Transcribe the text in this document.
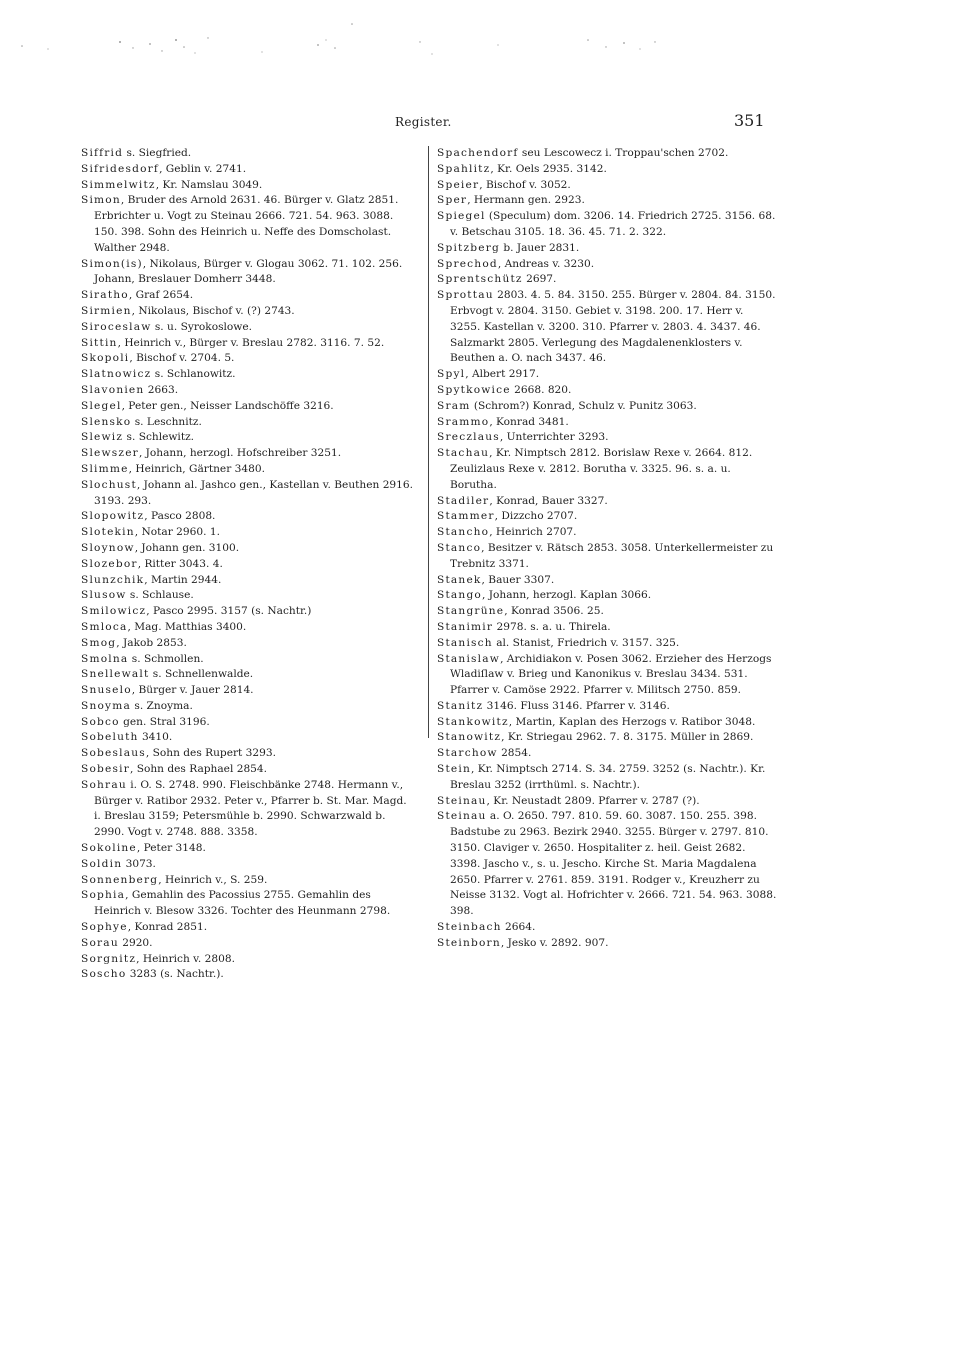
Register.	351

Siffrid s. Siegfried.

Sifridesdorf, Geblin v. 2741.

Simmelwitz, Kr. Namslau 3049.

Simon, Bruder des Arnold 2631. 46. Bürger v. Glatz 2851. Erbrichter u. Vogt zu Steinau 2666. 721. 54. 963. 3088. 150. 398. Sohn des Heinrich u. Neffe des Domscholast. Walther 2948.

Simon(is), Nikolaus, Bürger v. Glogau 3062. 71. 102. 256. Johann, Breslauer Domherr 3448.

Siratho, Graf 2654.

Sirmien, Nikolaus, Bischof v. (?) 2743.

Siroceslaw s. u. Syrokoslowe.

Sittin, Heinrich v., Bürger v. Breslau 2782. 3116. 7. 52.

Skopoli, Bischof v. 2704. 5.

Slatnowicz s. Schlanowitz.

Slavonien 2663.

Slegel, Peter gen., Neisser Landschöffe 3216.

Slensko s. Leschnitz.

Slewiz s. Schlewitz.

Slewszer, Johann, herzogl. Hofschreiber 3251.

Slimme, Heinrich, Gärtner 3480.

Slochust, Johann al. Jashco gen., Kastellan v. Beuthen 2916. 3193. 293.

Slopowitz, Pasco 2808.

Slotekin, Notar 2960. 1.

Sloynow, Johann gen. 3100.

Slozebor, Ritter 3043. 4.

Slunzchik, Martin 2944.

Slusow s. Schlause.

Smilowicz, Pasco 2995. 3157 (s. Nachtr.)

Smloca, Mag. Matthias 3400.

Smog, Jakob 2853.

Smolna s. Schmollen.

Snellewalt s. Schnellenwalde.

Snuselo, Bürger v. Jauer 2814.

Snoyma s. Znoyma.

Sobco gen. Stral 3196.

Sobeluth 3410.

Sobeslaus, Sohn des Rupert 3293.

Sobesir, Sohn des Raphael 2854.

Sohrau i. O. S. 2748. 990. Fleischbänke 2748. Hermann v., Bürger v. Ratibor 2932. Peter v., Pfarrer b. St. Mar. Magd. i. Breslau 3159; Petersmühle b. 2990. Schwarzwald b. 2990. Vogt v. 2748. 888. 3358.

Sokoline, Peter 3148.

Soldin 3073.

Sonnenberg, Heinrich v., S. 259.

Sophia, Gemahlin des Pacossius 2755. Gemahlin des Heinrich v. Blesow 3326. Tochter des Heunmann 2798.

Sophye, Konrad 2851.

Sorau 2920.

Sorgnitz, Heinrich v. 2808.

Soscho 3283 (s. Nachtr.).

Spachendorf seu Lescowecz i. Troppau'schen 2702.

Spahlitz, Kr. Oels 2935. 3142.

Speier, Bischof v. 3052.

Sper, Hermann gen. 2923.

Spiegel (Speculum) dom. 3206. 14. Friedrich 2725. 3156. 68. v. Betschau 3105. 18. 36. 45. 71. 2. 322.

Spitzberg b. Jauer 2831.

Sprechod, Andreas v. 3230.

Sprentschütz 2697.

Sprottau 2803. 4. 5. 84. 3150. 255. Bürger v. 2804. 84. 3150. Erbvogt v. 2804. 3150. Gebiet v. 3198. 200. 17. Herr v. 3255. Kastellan v. 3200. 310. Pfarrer v. 2803. 4. 3437. 46. Salzmarkt 2805. Verlegung des Magdalenenklosters v. Beuthen a. O. nach 3437. 46.

Spyl, Albert 2917.

Spytkowice 2668. 820.

Sram (Schrom?) Konrad, Schulz v. Punitz 3063.

Srammo, Konrad 3481.

Sreczlaus, Unterrichter 3293.

Stachau, Kr. Nimptsch 2812. Borislaw Rexe v. 2664. 812. Zeulizlaus Rexe v. 2812. Borutha v. 3325. 96. s. a. u. Borutha.

Stadiler, Konrad, Bauer 3327.

Stammer, Dizzcho 2707.

Stancho, Heinrich 2707.

Stanco, Besitzer v. Rätsch 2853. 3058. Unterkellermeister zu Trebnitz 3371.

Stanek, Bauer 3307.

Stango, Johann, herzogl. Kaplan 3066.

Stangrüne, Konrad 3506. 25.

Stanimir 2978. s. a. u. Thirela.

Stanisch al. Stanist, Friedrich v. 3157. 325.

Stanislaw, Archidiakon v. Posen 3062. Erzieher des Herzogs Wladiſlaw v. Brieg und Kanonikus v. Breslau 3434. 531. Pfarrer v. Camöse 2922. Pfarrer v. Militsch 2750. 859.

Stanitz 3146. Fluss 3146. Pfarrer v. 3146.

Stankowitz, Martin, Kaplan des Herzogs v. Ratibor 3048.

Stanowitz, Kr. Striegau 2962. 7. 8. 3175. Müller in 2869.

Starchow 2854.

Stein, Kr. Nimptsch 2714. S. 34. 2759. 3252 (s. Nachtr.). Kr. Breslau 3252 (irrthüml. s. Nachtr.).

Steinau, Kr. Neustadt 2809. Pfarrer v. 2787 (?).

Steinau a. O. 2650. 797. 810. 59. 60. 3087. 150. 255. 398. Badstube zu 2963. Bezirk 2940. 3255. Bürger v. 2797. 810. 3150. Claviger v. 2650. Hospitaliter z. heil. Geist 2682. 3398. Jascho v., s. u. Jescho. Kirche St. Maria Magdalena 2650. Pfarrer v. 2761. 859. 3191. Rodger v., Kreuzherr zu Neisse 3132. Vogt al. Hofrichter v. 2666. 721. 54. 963. 3088. 398.

Steinbach 2664.

Steinborn, Jesko v. 2892. 907.
